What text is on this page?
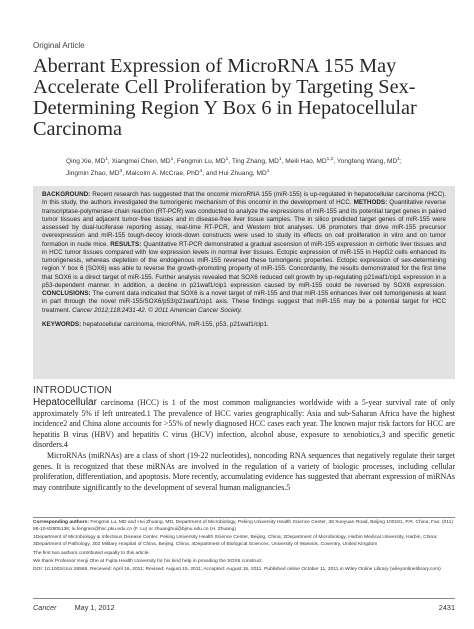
Original Article
Aberrant Expression of MicroRNA 155 May Accelerate Cell Proliferation by Targeting Sex-Determining Region Y Box 6 in Hepatocellular Carcinoma
Qing Xie, $MD^1$, Xiangmei Chen, $MD^1$, Fengmin Lu, $MD^1$, Ting Zhang, $MD^1$, Meili Hao, MD$^{1,2}$, Yongfeng Wang, $MD^1$;
Jingmin Zhao, $MD^3$, Malcolm A. McCrae, PhD$^4$, and Hui Zhuang, $MD^1$

BACKGROUND: Recent research has suggested that the oncomir microRNA 155 (miR-155) is up-regulated in hepatocellular carcinoma (HCC). In this study, the authors investigated the tumorigenic mechanism of this oncomir in the development of HCC. METHODS: Quantitative reverse transcriptase-polymerase chain reaction (RT-PCR) was conducted to analyze the expressions of miR-155 and its potential target genes in paired tumor tissues and adjacent tumor-free tissues and in disease-free liver tissue samples. The in silico predicted target genes of miR-155 were assessed by dual-luciferase reporting assay, real-time RT-PCR, and Western blot analyses. U6 promoters that drive miR-155 precursor overexpression and miR-155 tough-decoy knock-down constructs were used to study its effects on cell proliferation in vitro and on tumor formation in nude mice. RESULTS: Quantitative RT-PCR demonstrated a gradual ascension of miR-155 expression in cirrhotic liver tissues and in HCC tumor tissues compared with low expression levels in normal liver tissues. Ectopic expression of miR-155 in HepG2 cells enhanced its tumorigenesis, whereas depletion of the endogenous miR-155 reversed these tumorigenic properties. Ectopic expression of sex-determining region Y box 6 (SOX6) was able to reverse the growth-promoting property of miR-155. Concordantly, the results demonstrated for the first time that SOX6 is a direct target of miR-155. Further analysis revealed that SOX6 reduced cell growth by up-regulating p21waf1/cip1 expression in a p53-dependent manner. In addition, a decline in p21waf1/cip1 expression caused by miR-155 could be reversed by SOX6 expression. CONCLUSIONS: The current data indicated that SOX6 is a novel target of miR-155 and that miR-155 enhances liver cell tumorigenesis at least in part through the novel miR-155/SOX6/p53/p21waf1/cip1 axis. These findings suggest that miR-155 may be a potential target for HCC treatment. Cancer 2012;118:2431-42. © 2011 American Cancer Society.

KEYWORDS: hepatocellular carcinoma, microRNA, miR-155, p53, p21waf1/cip1.

INTRODUCTION

Hepatocellular carcinoma (HCC) is 1 of the most common malignancies worldwide with a 5-year survival rate of only approximately 5% if left untreated.1 The prevalence of HCC varies geographically: Asia and sub-Saharan Africa have the highest incidence2 and China alone accounts for >55% of newly diagnosed HCC cases each year. The known major risk factors for HCC are hepatitis B virus (HBV) and hepatitis C virus (HCV) infection, alcohol abuse, exposure to xenobiotics,3 and specific genetic disorders.4

MicroRNAs (miRNAs) are a class of short (19-22 nucleotides), noncoding RNA sequences that negatively regulate their target genes. It is recognized that these miRNAs are involved in the regulation of a variety of biologic processes, including cellular proliferation, differentiation, and apoptosis. More recently, accumulating evidence has suggested that aberrant expression of miRNAs may contribute significantly to the development of several human malignancies.5

Corresponding authors: Fengmin Lu, MD and Hui Zhuang, MD, Department of Microbiology, Peking University Health Science Center, 38 Xueyuan Road, Beijing 100191, P.R. China; Fax: (011) 86-10-82805136; lu.fengmin@hsc.pku.edu.cn (F. Lu) or zhuanghui@bjmu.edu.cn (H. Zhuang)

1Department of Microbiology & Infectious Disease Center, Peking University Health Science Center, Beijing, China; 2Department of Microbiology, Harbin Medical University, Harbin, China; 3Department of Pathology, 302 Military Hospital of China, Beijing, China; 4Department of Biological Sciences, University of Warwick, Coventry, United Kingdom

The first two authors contributed equally to this article.

We thank Professor Kenji Ohe at Fujita Health University for his kind help in providing the SOX6 construct.

DOI: 10.1002/cncr.26566, Received: April 16, 2011; Revised: August 15, 2011; Accepted: August 15, 2011, Published online October 11, 2011 in Wiley Online Library (wileyonlinelibrary.com)

Cancer May 1, 2012	2431
